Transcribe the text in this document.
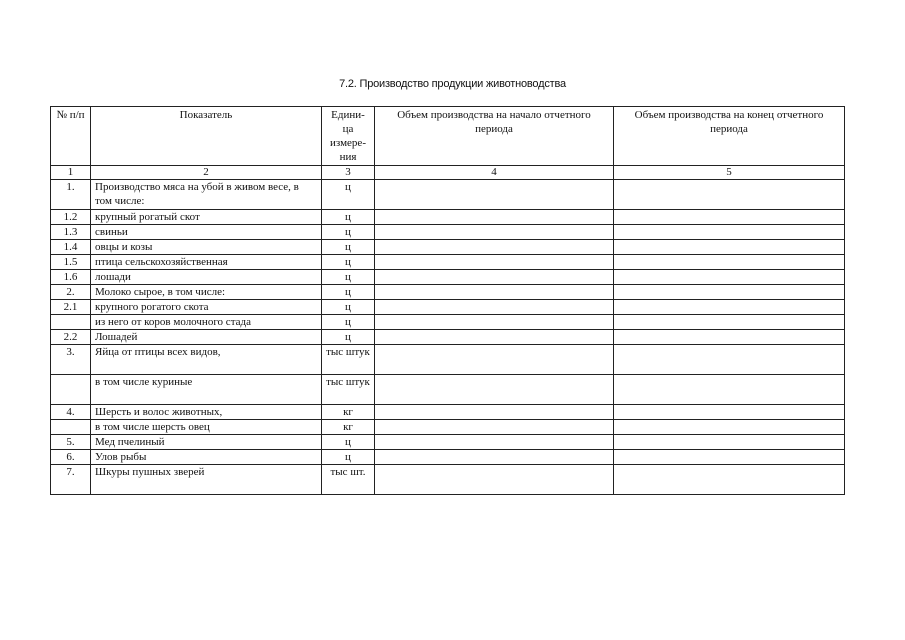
7.2. Производство продукции животноводства
№ п/п	Показатель	Едини-ца измере-ния	Объем производства на начало отчетного периода	Объем производства на конец отчетного периода
1	2	3	4	5
1.	Производство мяса на убой в живом весе, в том числе:	ц		
1.2	крупный рогатый скот	ц		
1.3	свиньи	ц		
1.4	овцы и козы	ц		
1.5	птица сельскохозяйственная	ц		
1.6	лошади	ц		
2.	Молоко сырое, в том числе:	ц		
2.1	крупного рогатого скота	ц		
	из него от коров молочного стада	ц		
2.2	Лошадей	ц		
3.	Яйца от птицы всех видов,	тыс штук		
	в том числе куриные	тыс штук		
4.	Шерсть и волос животных,	кг		
	в том числе шерсть овец	кг		
5.	Мед пчелиный	ц		
6.	Улов рыбы	ц		
7.	Шкуры пушных зверей	тыс шт.		
